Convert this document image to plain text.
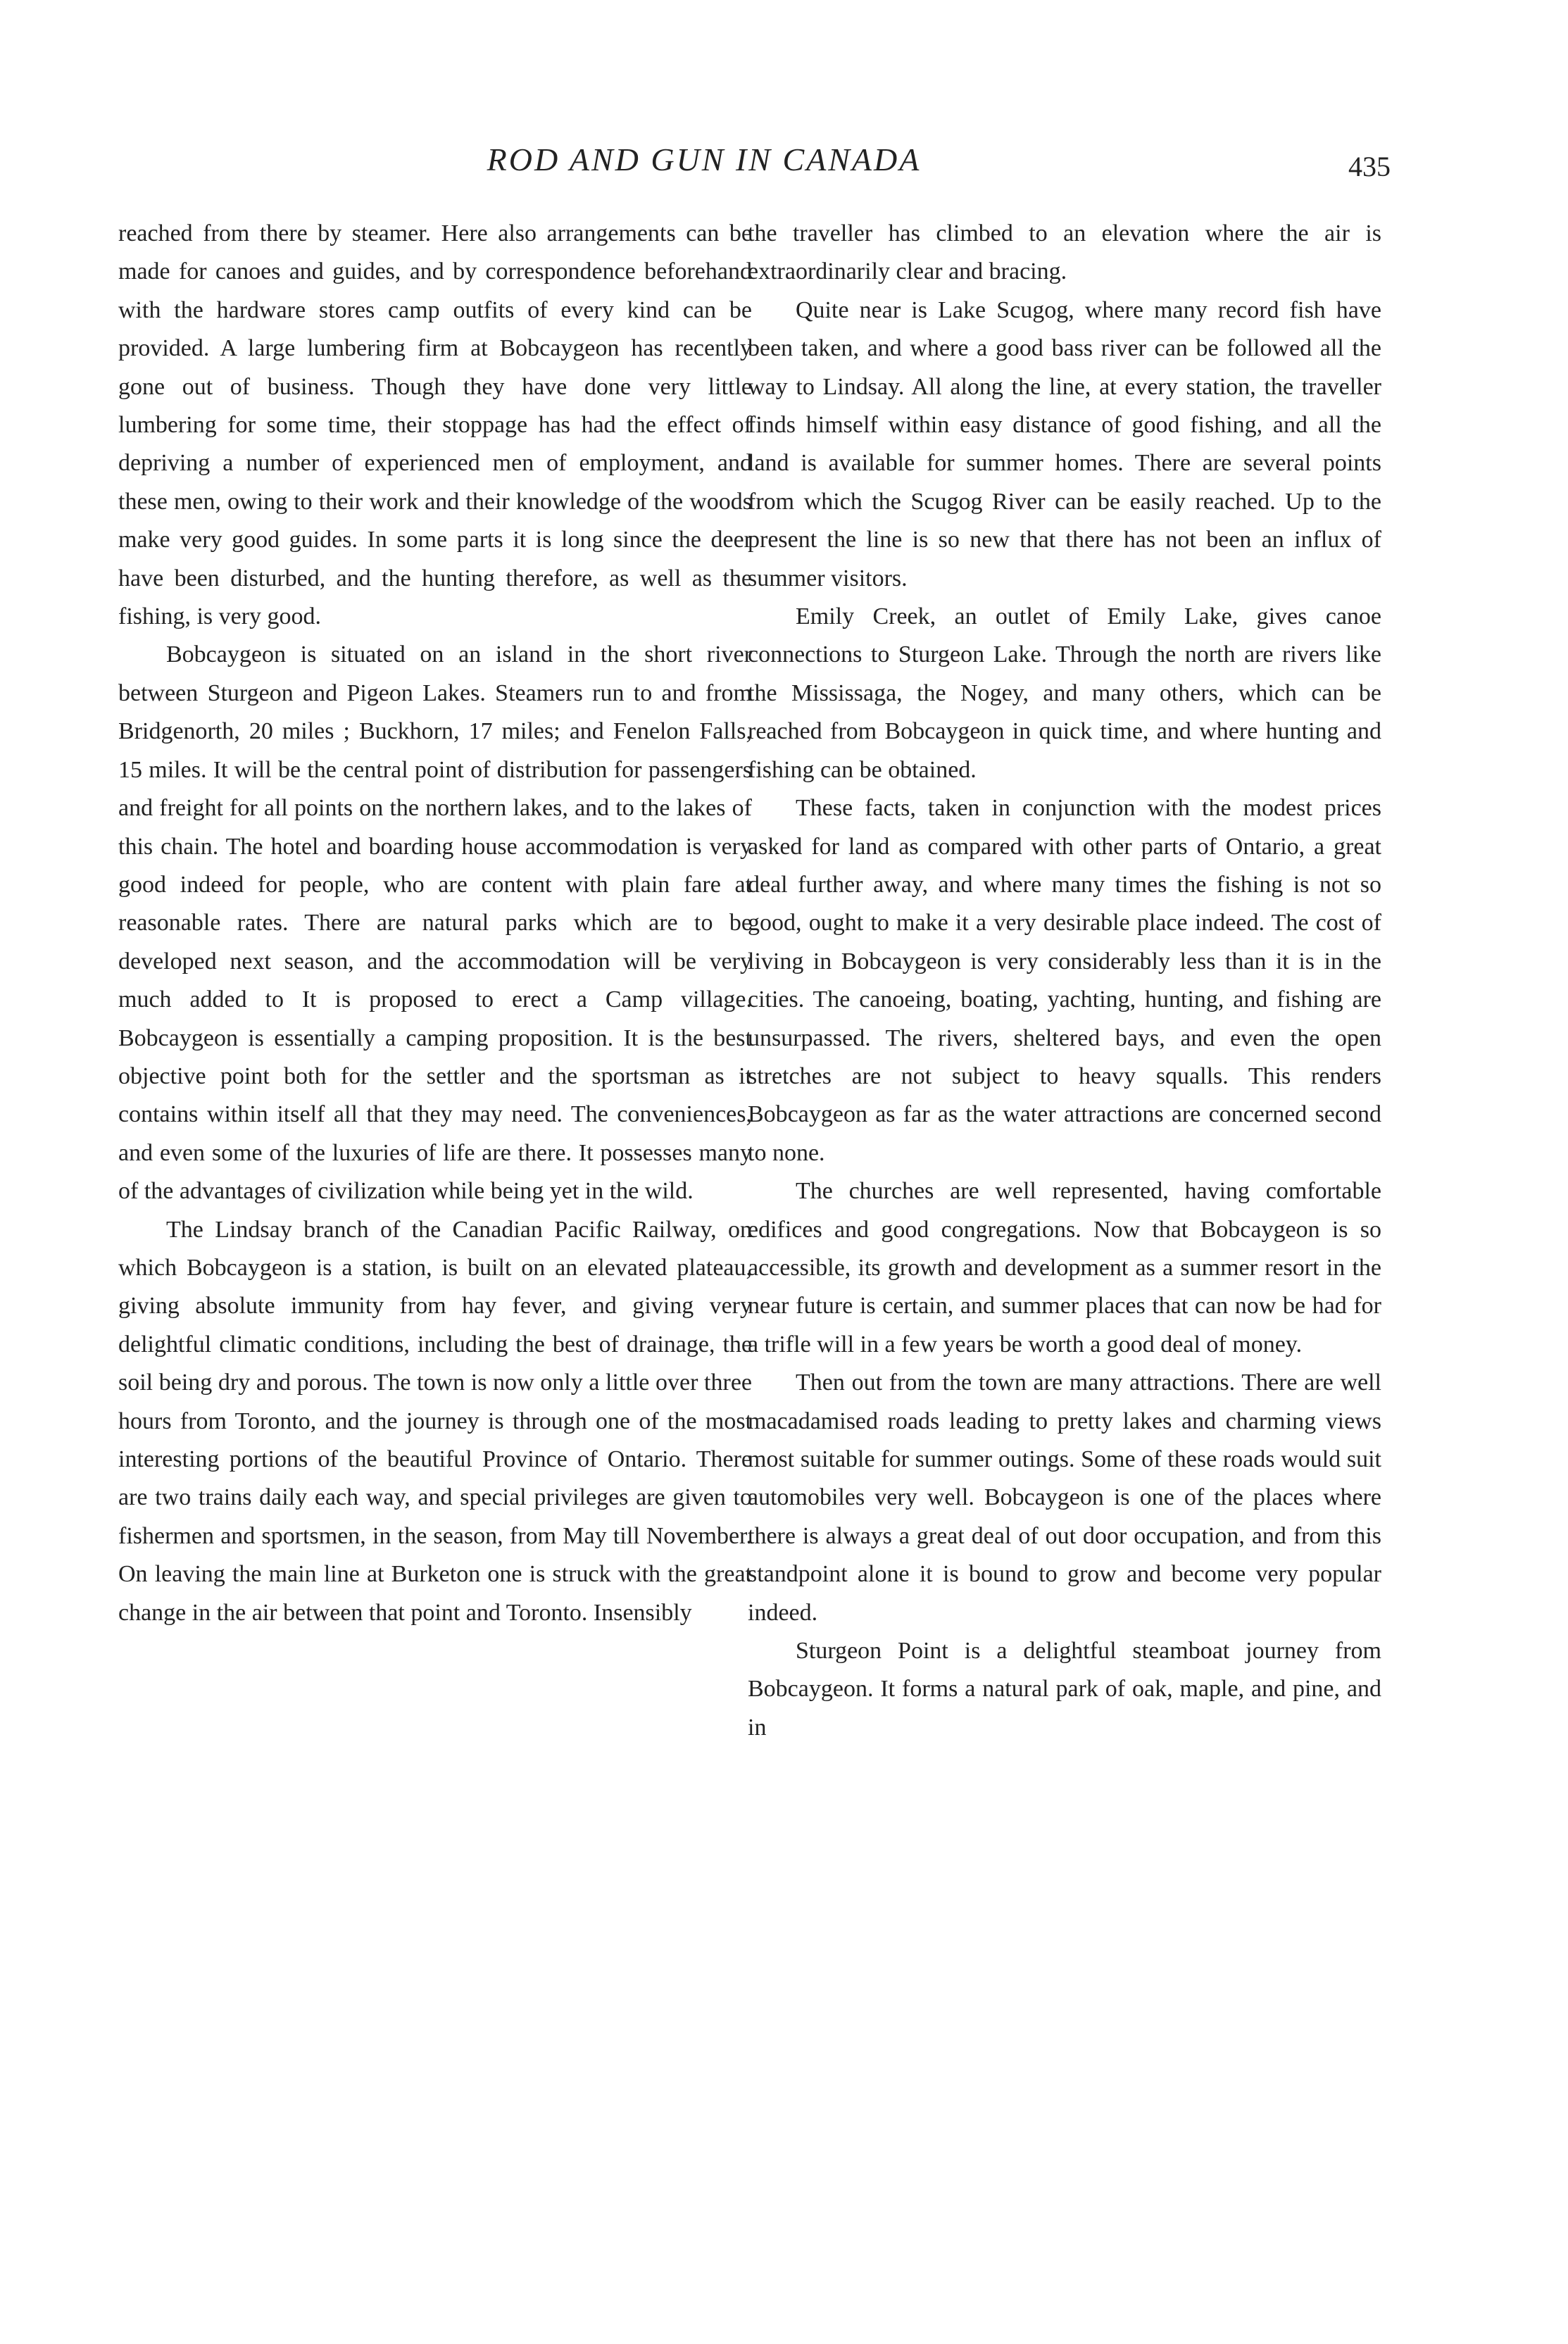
ROD AND GUN IN CANADA	435

reached from there by steamer. Here also arrangements can be made for canoes and guides, and by correspondence beforehand with the hardware stores camp outfits of every kind can be provided. A large lumbering firm at Bobcaygeon has recently gone out of business. Though they have done very little lumbering for some time, their stoppage has had the effect of depriving a number of experienced men of employment, and these men, owing to their work and their knowledge of the woods make very good guides. In some parts it is long since the deer have been disturbed, and the hunting therefore, as well as the fishing, is very good.

Bobcaygeon is situated on an island in the short river between Sturgeon and Pigeon Lakes. Steamers run to and from Bridgenorth, 20 miles ; Buckhorn, 17 miles; and Fenelon Falls, 15 miles. It will be the central point of distribution for passengers and freight for all points on the northern lakes, and to the lakes of this chain. The hotel and boarding house accommodation is very good indeed for people, who are content with plain fare at reasonable rates. There are natural parks which are to be developed next season, and the accommodation will be very much added to It is proposed to erect a Camp village. Bobcaygeon is essentially a camping proposition. It is the best objective point both for the settler and the sportsman as it contains within itself all that they may need. The conveniences, and even some of the luxuries of life are there. It possesses many of the advantages of civilization while being yet in the wild.

The Lindsay branch of the Canadian Pacific Railway, on which Bobcaygeon is a station, is built on an elevated plateau, giving absolute immunity from hay fever, and giving very delightful climatic conditions, including the best of drainage, the soil being dry and porous. The town is now only a little over three hours from Toronto, and the journey is through one of the most interesting portions of the beautiful Province of Ontario. There are two trains daily each way, and special privileges are given to fishermen and sportsmen, in the season, from May till November. On leaving the main line at Burketon one is struck with the great change in the air between that point and Toronto. Insensibly

the traveller has climbed to an elevation where the air is extraordinarily clear and bracing.

Quite near is Lake Scugog, where many record fish have been taken, and where a good bass river can be followed all the way to Lindsay. All along the line, at every station, the traveller finds himself within easy distance of good fishing, and all the land is available for summer homes. There are several points from which the Scugog River can be easily reached. Up to the present the line is so new that there has not been an influx of summer visitors.

Emily Creek, an outlet of Emily Lake, gives canoe connections to Sturgeon Lake. Through the north are rivers like the Mississaga, the Nogey, and many others, which can be reached from Bobcaygeon in quick time, and where hunting and fishing can be obtained.

These facts, taken in conjunction with the modest prices asked for land as compared with other parts of Ontario, a great deal further away, and where many times the fishing is not so good, ought to make it a very desirable place indeed. The cost of living in Bobcaygeon is very considerably less than it is in the cities. The canoeing, boating, yachting, hunting, and fishing are unsurpassed. The rivers, sheltered bays, and even the open stretches are not subject to heavy squalls. This renders Bobcaygeon as far as the water attractions are concerned second to none.

The churches are well represented, having comfortable edifices and good congregations. Now that Bobcaygeon is so accessible, its growth and development as a summer resort in the near future is certain, and summer places that can now be had for a trifle will in a few years be worth a good deal of money.

Then out from the town are many attractions. There are well macadamised roads leading to pretty lakes and charming views most suitable for summer outings. Some of these roads would suit automobiles very well. Bobcaygeon is one of the places where there is always a great deal of out door occupation, and from this standpoint alone it is bound to grow and become very popular indeed.

Sturgeon Point is a delightful steamboat journey from Bobcaygeon. It forms a natural park of oak, maple, and pine, and in
